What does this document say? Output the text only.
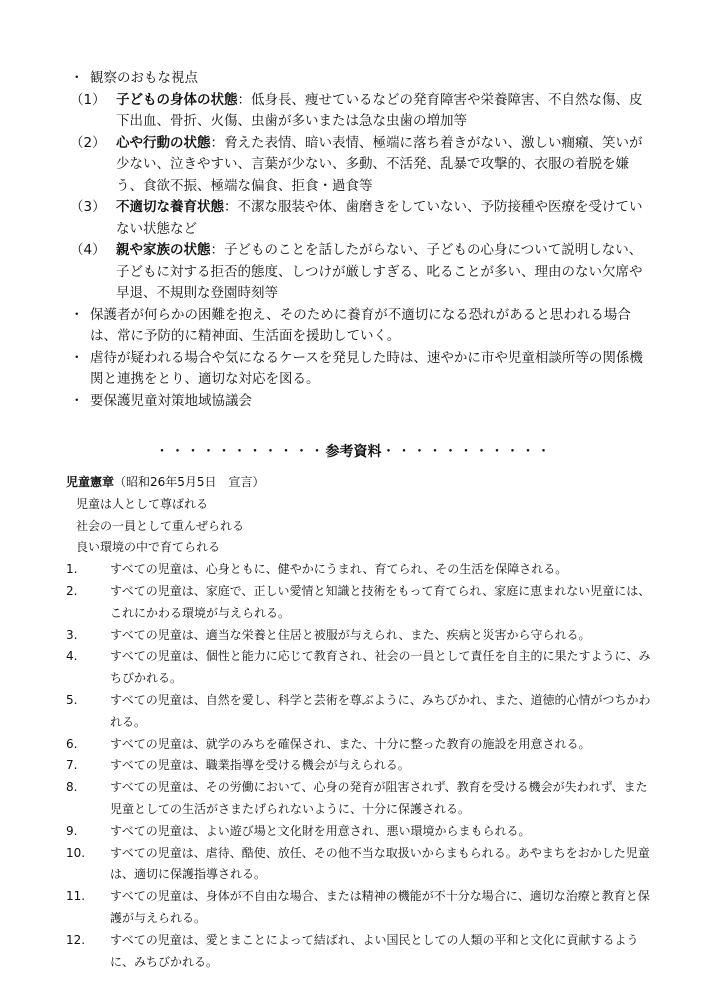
・ 観察のおもな視点
（1） 子どもの身体の状態：低身長、痩せているなどの発育障害や栄養障害、不自然な傷、皮下出血、骨折、火傷、虫歯が多いまたは急な虫歯の増加等
（2） 心や行動の状態：脅えた表情、暗い表情、極端に落ち着きがない、激しい癇癪、笑いが少ない、泣きやすい、言葉が少ない、多動、不活発、乱暴で攻撃的、衣服の着脱を嫌う、食欲不振、極端な偏食、拒食・過食等
（3） 不適切な養育状態：不潔な服装や体、歯磨きをしていない、予防接種や医療を受けていない状態など
（4） 親や家族の状態：子どものことを話したがらない、子どもの心身について説明しない、子どもに対する拒否的態度、しつけが厳しすぎる、叱ることが多い、理由のない欠席や早退、不規則な登園時刻等
・ 保護者が何らかの困難を抱え、そのために養育が不適切になる恐れがあると思われる場合は、常に予防的に精神面、生活面を援助していく。
・ 虐待が疑われる場合や気になるケースを発見した時は、速やかに市や児童相談所等の関係機関と連携をとり、適切な対応を図る。
・ 要保護児童対策地域協議会
・・・・・・・・・・・参考資料・・・・・・・・・・・
児童憲章（昭和26年5月5日　宣言）
児童は人として尊ばれる
社会の一員として重んぜられる
良い環境の中で育てられる
1.	すべての児童は、心身ともに、健やかにうまれ、育てられ、その生活を保障される。
2.	すべての児童は、家庭で、正しい愛情と知識と技術をもって育てられ、家庭に恵まれない児童には、これにかわる環境が与えられる。
3.	すべての児童は、適当な栄養と住居と被服が与えられ、また、疾病と災害から守られる。
4.	すべての児童は、個性と能力に応じて教育され、社会の一員として責任を自主的に果たすように、みちびかれる。
5.	すべての児童は、自然を愛し、科学と芸術を尊ぶように、みちびかれ、また、道徳的心情がつちかわれる。
6.	すべての児童は、就学のみちを確保され、また、十分に整った教育の施設を用意される。
7.	すべての児童は、職業指導を受ける機会が与えられる。
8.	すべての児童は、その労働において、心身の発育が阻害されず、教育を受ける機会が失われず、また児童としての生活がさまたげられないように、十分に保護される。
9.	すべての児童は、よい遊び場と文化財を用意され、悪い環境からまもられる。
10. すべての児童は、虐待、酷使、放任、その他不当な取扱いからまもられる。あやまちをおかした児童は、適切に保護指導される。
11. すべての児童は、身体が不自由な場合、または精神の機能が不十分な場合に、適切な治療と教育と保護が与えられる。
12. すべての児童は、愛とまことによって結ばれ、よい国民としての人類の平和と文化に貢献するように、みちびかれる。
